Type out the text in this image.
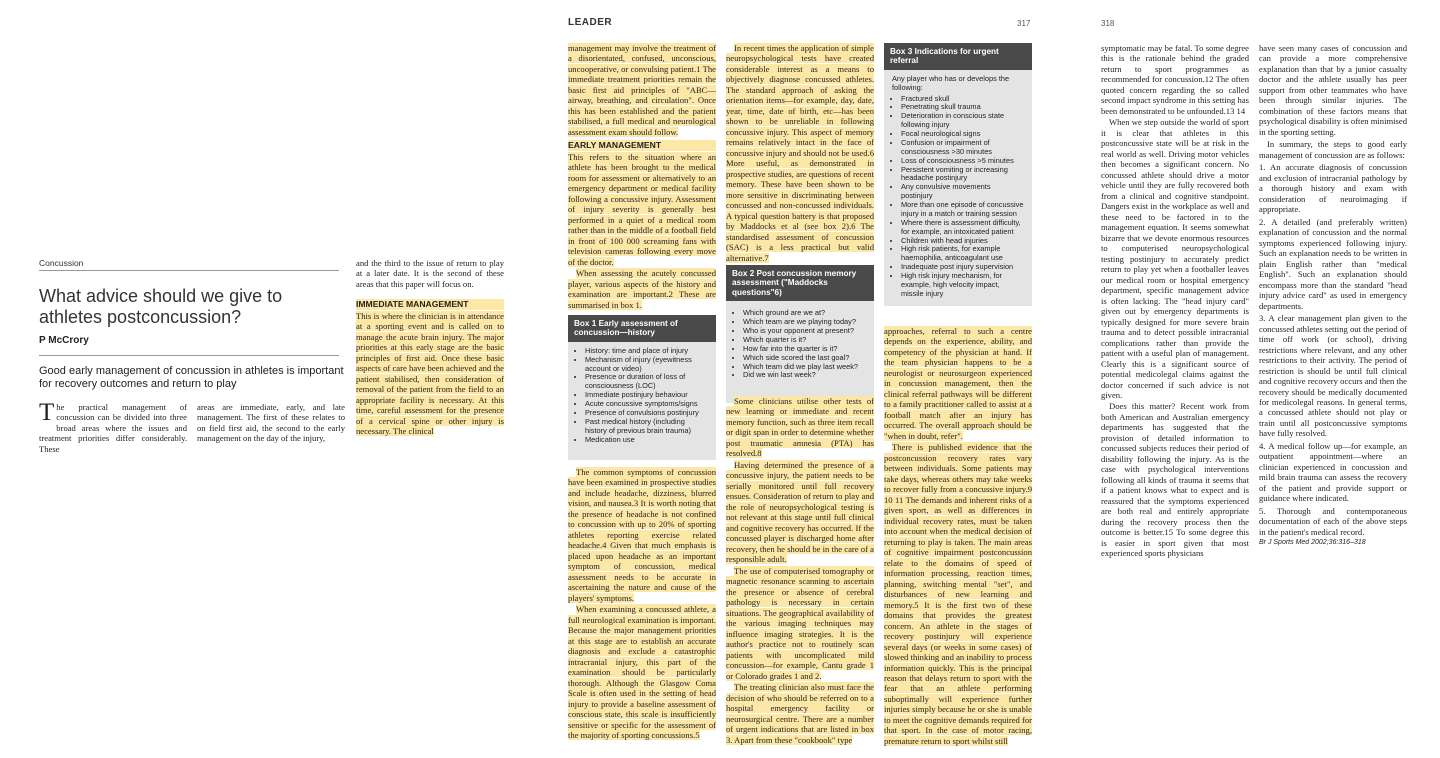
Concussion
What advice should we give to athletes postconcussion?
P McCrory
Good early management of concussion in athletes is important for recovery outcomes and return to play

The practical management of concussion can be divided into three broad areas where the issues and treatment priorities differ considerably. These

areas are immediate, early, and late management. The first of these relates to on field first aid, the second to the early management on the day of the injury,

and the third to the issue of return to play at a later date. It is the second of these areas that this paper will focus on.

IMMEDIATE MANAGEMENT

This is where the clinician is in attendance at a sporting event and is called on to manage the acute brain injury. The major priorities at this early stage are the basic principles of first aid. Once these basic aspects of care have been achieved and the patient stabilised, then consideration of removal of the patient from the field to an appropriate facility is necessary. At this time, careful assessment for the presence of a cervical spine or other injury is necessary. The clinical

LEADER	317

management may involve the treatment of a disorientated, confused, unconscious, uncooperative, or convulsing patient.1 The immediate treatment priorities remain the basic first aid principles of "ABC—airway, breathing, and circulation". Once this has been established and the patient stabilised, a full medical and neurological assessment exam should follow.

EARLY MANAGEMENT

This refers to the situation where an athlete has been brought to the medical room for assessment or alternatively to an emergency department or medical facility following a concussive injury. Assessment of injury severity is generally best performed in a quiet of a medical room rather than in the middle of a football field in front of 100 000 screaming fans with television cameras following every move of the doctor.

When assessing the acutely concussed player, various aspects of the history and examination are important.2 These are summarised in box 1.

Box 1 Early assessment of concussion—history
• History: time and place of injury
• Mechanism of injury (eyewitness account or video)
• Presence or duration of loss of consciousness (LOC)
• Immediate postinjury behaviour
• Acute concussive symptoms/signs
• Presence of convulsions postinjury
• Past medical history (including history of previous brain trauma)
• Medication use

The common symptoms of concussion have been examined in prospective studies and include headache, dizziness, blurred vision, and nausea.3 It is worth noting that the presence of headache is not confined to concussion with up to 20% of sporting athletes reporting exercise related headache.4 Given that much emphasis is placed upon headache as an important symptom of concussion, medical assessment needs to be accurate in ascertaining the nature and cause of the players' symptoms.

When examining a concussed athlete, a full neurological examination is important. Because the major management priorities at this stage are to establish an accurate diagnosis and exclude a catastrophic intracranial injury, this part of the examination should be particularly thorough. Although the Glasgow Coma Scale is often used in the setting of head injury to provide a baseline assessment of conscious state, this scale is insufficiently sensitive or specific for the assessment of the majority of sporting concussions.5

In recent times the application of simple neuropsychological tests have created considerable interest as a means to objectively diagnose concussed athletes. The standard approach of asking the orientation items—for example, day, date, year, time, date of birth, etc—has been shown to be unreliable in following concussive injury. This aspect of memory remains relatively intact in the face of concussive injury and should not be used.6 More useful, as demonstrated in prospective studies, are questions of recent memory. These have been shown to be more sensitive in discriminating between concussed and non-concussed individuals. A typical question battery is that proposed by Maddocks et al (see box 2).6 The standardised assessment of concussion (SAC) is a less practical but valid alternative.7

Box 2 Post concussion memory assessment ("Maddocks questions"6)
• Which ground are we at?
• Which team are we playing today?
• Who is your opponent at present?
• Which quarter is it?
• How far into the quarter is it?
• Which side scored the last goal?
• Which team did we play last week?
• Did we win last week?

Some clinicians utilise other tests of new learning or immediate and recent memory function, such as three item recall or digit span in order to determine whether post traumatic amnesia (PTA) has resolved.8

Having determined the presence of a concussive injury, the patient needs to be serially monitored until full recovery ensues. Consideration of return to play and the role of neuropsychological testing is not relevant at this stage until full clinical and cognitive recovery has occurred. If the concussed player is discharged home after recovery, then he should be in the care of a responsible adult.

The use of computerised tomography or magnetic resonance scanning to ascertain the presence or absence of cerebral pathology is necessary in certain situations. The geographical availability of the various imaging techniques may influence imaging strategies. It is the author's practice not to routinely scan patients with uncomplicated mild concussion—for example, Cantu grade 1 or Colorado grades 1 and 2.

The treating clinician also must face the decision of who should be referred on to a hospital emergency facility or neurosurgical centre. There are a number of urgent indications that are listed in box 3. Apart from these "cookbook" type

Box 3 Indications for urgent referral
Any player who has or develops the following:
• Fractured skull
• Penetrating skull trauma
• Deterioration in conscious state following injury
• Focal neurological signs
• Confusion or impairment of consciousness >30 minutes
• Loss of consciousness >5 minutes
• Persistent vomiting or increasing headache postinjury
• Any convulsive movements postinjury
• More than one episode of concussive injury in a match or training session
• Where there is assessment difficulty, for example, an intoxicated patient
• Children with head injuries
• High risk patients, for example haemophilia, anticoagulant use
• Inadequate post injury supervision
• High risk injury mechanism, for example, high velocity impact, missile injury

approaches, referral to such a centre depends on the experience, ability, and competency of the physician at hand. If the team physician happens to be a neurologist or neurosurgeon experienced in concussion management, then the clinical referral pathways will be different to a family practitioner called to assist at a football match after an injury has occurred. The overall approach should be "when in doubt, refer".

There is published evidence that the postconcussion recovery rates vary between individuals. Some patients may take days, whereas others may take weeks to recover fully from a concussive injury.9 10 11 The demands and inherent risks of a given sport, as well as differences in individual recovery rates, must be taken into account when the medical decision of returning to play is taken. The main areas of cognitive impairment postconcussion relate to the domains of speed of information processing, reaction times, planning, switching mental "set", and disturbances of new learning and memory.5 It is the first two of these domains that provides the greatest concern. An athlete in the stages of recovery postinjury will experience several days (or weeks in some cases) of slowed thinking and an inability to process information quickly. This is the principal reason that delays return to sport with the fear that an athlete performing suboptimally will experience further injuries simply because he or she is unable to meet the cognitive demands required for that sport. In the case of motor racing, premature return to sport whilst still

318

symptomatic may be fatal. To some degree this is the rationale behind the graded return to sport programmes as recommended for concussion.12 The often quoted concern regarding the so called second impact syndrome in this setting has been demonstrated to be unfounded.13 14

When we step outside the world of sport it is clear that athletes in this postconcussive state will be at risk in the real world as well. Driving motor vehicles then becomes a significant concern. No concussed athlete should drive a motor vehicle until they are fully recovered both from a clinical and cognitive standpoint. Dangers exist in the workplace as well and these need to be factored in to the management equation. It seems somewhat bizarre that we devote enormous resources to computerised neuropsychological testing postinjury to accurately predict return to play yet when a footballer leaves our medical room or hospital emergency department, specific management advice is often lacking. The "head injury card" given out by emergency departments is typically designed for more severe brain trauma and to detect possible intracranial complications rather than provide the patient with a useful plan of management. Clearly this is a significant source of potential medicolegal claims against the doctor concerned if such advice is not given.

Does this matter? Recent work from both American and Australian emergency departments has suggested that the provision of detailed information to concussed subjects reduces their period of disability following the injury. As is the case with psychological interventions following all kinds of trauma it seems that if a patient knows what to expect and is reassured that the symptoms experienced are both real and entirely appropriate during the recovery process then the outcome is better.15 To some degree this is easier in sport given that most experienced sports physicians

have seen many cases of concussion and can provide a more comprehensive explanation than that by a junior casualty doctor and the athlete usually has peer support from other teammates who have been through similar injuries. The combination of these factors means that psychological disability is often minimised in the sporting setting.

In summary, the steps to good early management of concussion are as follows:

1. An accurate diagnosis of concussion and exclusion of intracranial pathology by a thorough history and exam with consideration of neuroimaging if appropriate.

2. A detailed (and preferably written) explanation of concussion and the normal symptoms experienced following injury. Such an explanation needs to be written in plain English rather than "medical English". Such an explanation should encompass more than the standard "head injury advice card" as used in emergency departments.

3. A clear management plan given to the concussed athletes setting out the period of time off work (or school), driving restrictions where relevant, and any other restrictions to their activity. The period of restriction is should be until full clinical and cognitive recovery occurs and then the recovery should be medically documented for medicolegal reasons. In general terms, a concussed athlete should not play or train until all postconcussive symptoms have fully resolved.

4. A medical follow up—for example, an outpatient appointment—where an clinician experienced in concussion and mild brain trauma can assess the recovery of the patient and provide support or guidance where indicated.

5. Thorough and contemporaneous documentation of each of the above steps in the patient's medical record.

Br J Sports Med 2002;36:316–318
